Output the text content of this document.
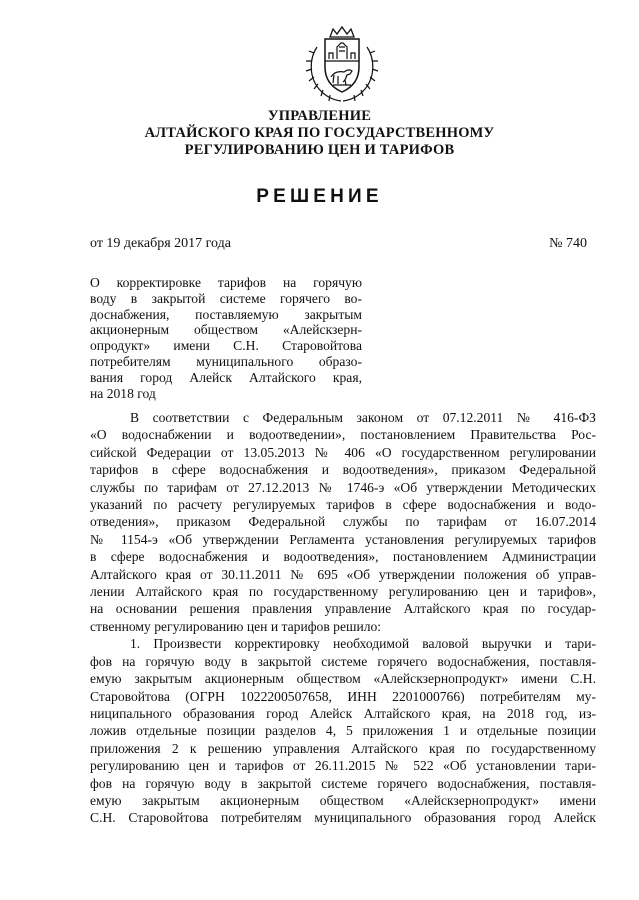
УПРАВЛЕНИЕ
АЛТАЙСКОГО КРАЯ ПО ГОСУДАРСТВЕННОМУ
РЕГУЛИРОВАНИЮ ЦЕН И ТАРИФОВ
РЕШЕНИЕ
от 19 декабря 2017 года	№ 740
О корректировке тарифов на горячую
воду в закрытой системе горячего во-
доснабжения, поставляемую закрытым
акционерным обществом «Алейскзерн-
опродукт» имени С.Н. Старовойтова
потребителям муниципального образо-
вания город Алейск Алтайского края,
на 2018 год
В соответствии с Федеральным законом от 07.12.2011 № 416-ФЗ
«О водоснабжении и водоотведении», постановлением Правительства Рос-
сийской Федерации от 13.05.2013 № 406 «О государственном регулировании
тарифов в сфере водоснабжения и водоотведения», приказом Федеральной
службы по тарифам от 27.12.2013 № 1746-э «Об утверждении Методических
указаний по расчету регулируемых тарифов в сфере водоснабжения и водо-
отведения», приказом Федеральной службы по тарифам от 16.07.2014
№ 1154-э «Об утверждении Регламента установления регулируемых тарифов
в сфере водоснабжения и водоотведения», постановлением Администрации
Алтайского края от 30.11.2011 № 695 «Об утверждении положения об управ-
лении Алтайского края по государственному регулированию цен и тарифов»,
на основании решения правления управление Алтайского края по государ-
ственному регулированию цен и тарифов решило:
1. Произвести корректировку необходимой валовой выручки и тари-
фов на горячую воду в закрытой системе горячего водоснабжения, поставля-
емую закрытым акционерным обществом «Алейскзернопродукт» имени С.Н.
Старовойтова (ОГРН 1022200507658, ИНН 2201000766) потребителям му-
ниципального образования город Алейск Алтайского края, на 2018 год, из-
ложив отдельные позиции разделов 4, 5 приложения 1 и отдельные позиции
приложения 2 к решению управления Алтайского края по государственному
регулированию цен и тарифов от 26.11.2015 № 522 «Об установлении тари-
фов на горячую воду в закрытой системе горячего водоснабжения, поставля-
емую закрытым акционерным обществом «Алейскзернопродукт» имени
С.Н. Старовойтова потребителям муниципального образования город Алейск
